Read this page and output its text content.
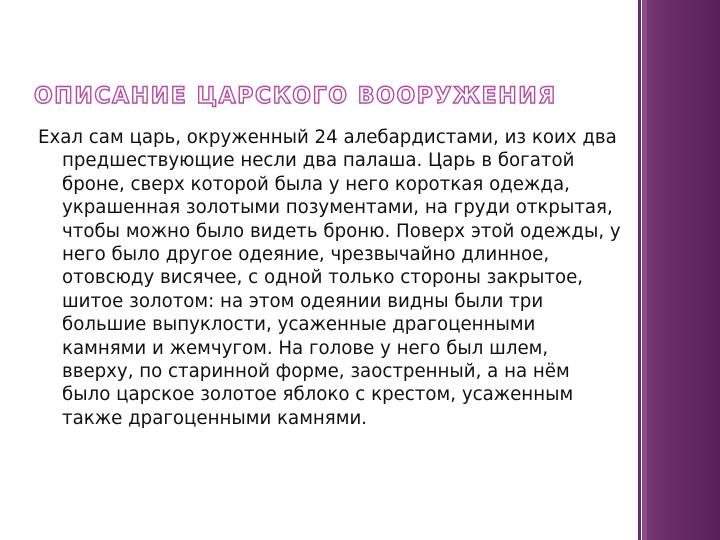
ОПИСАНИЕ ЦАРСКОГО ВООРУЖЕНИЯ

Ехал сам царь, окруженный 24 алебардистами, из коих два предшествующие несли два палаша. Царь в богатой броне, сверх которой была у него короткая одежда, украшенная золотыми позументами, на груди открытая, чтобы можно было видеть броню. Поверх этой одежды, у него было другое одеяние, чрезвычайно длинное, отовсюду висячее, с одной только стороны закрытое, шитое золотом: на этом одеянии видны были три большие выпуклости, усаженные драгоценными камнями и жемчугом. На голове у него был шлем, вверху, по старинной форме, заостренный, а на нём было царское золотое яблоко с крестом, усаженным также драгоценными камнями.
